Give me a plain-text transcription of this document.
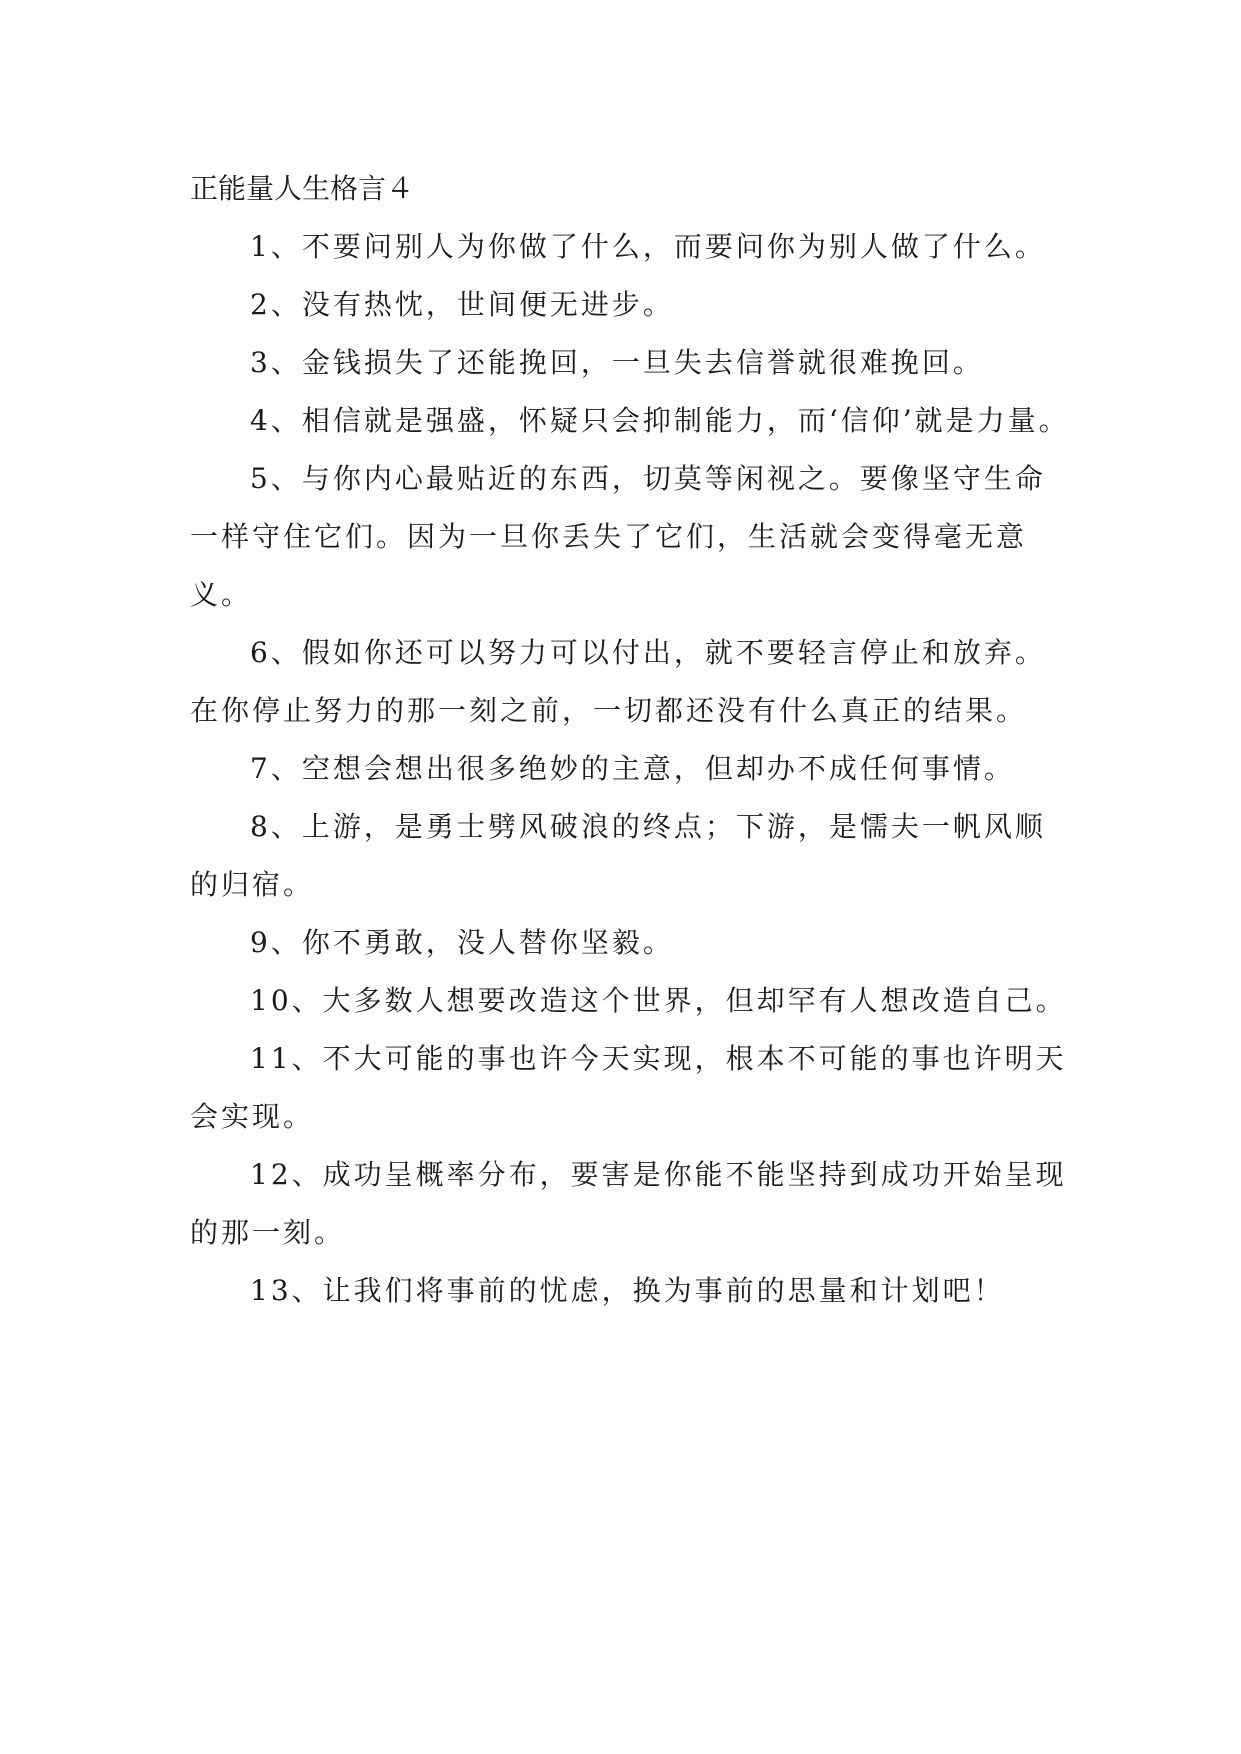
正能量人生格言４

1、不要问别人为你做了什么，而要问你为别人做了什么。

2、没有热忱，世间便无进步。

3、金钱损失了还能挽回，一旦失去信誉就很难挽回。

4、相信就是强盛，怀疑只会抑制能力，而‘信仰’就是力量。

5、与你内心最贴近的东西，切莫等闲视之。要像坚守生命一样守住它们。因为一旦你丢失了它们，生活就会变得毫无意义。

6、假如你还可以努力可以付出，就不要轻言停止和放弃。在你停止努力的那一刻之前，一切都还没有什么真正的结果。

7、空想会想出很多绝妙的主意，但却办不成任何事情。

8、上游，是勇士劈风破浪的终点；下游，是懦夫一帆风顺的归宿。

9、你不勇敢，没人替你坚毅。

10、大多数人想要改造这个世界，但却罕有人想改造自己。

11、不大可能的事也许今天实现，根本不可能的事也许明天会实现。

12、成功呈概率分布，要害是你能不能坚持到成功开始呈现的那一刻。

13、让我们将事前的忧虑，换为事前的思量和计划吧！
